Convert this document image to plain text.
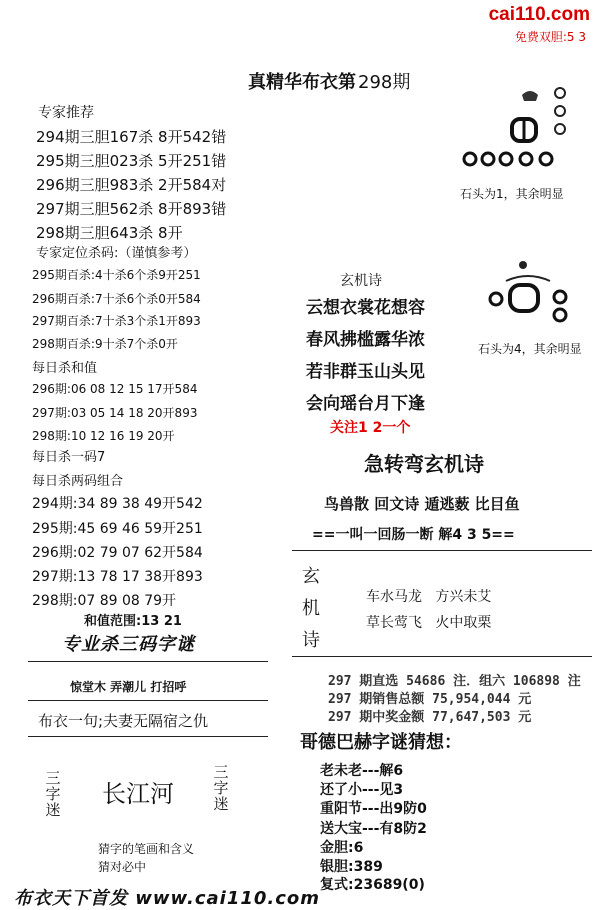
cai110.com
免费双胆:5 3
真精华布衣第 298期
专家推荐
294期三胆167杀 8开542错
295期三胆023杀 5开251错
296期三胆983杀 2开584对
297期三胆562杀 8开893错
298期三胆643杀 8开
专家定位杀码:（谨慎参考）
295期百杀:4十杀6个杀9开251
296期百杀:7十杀6个杀0开584
297期百杀:7十杀3个杀1开893
298期百杀:9十杀7个杀0开
每日杀和值
296期:06 08 12 15 17开584
297期:03 05 14 18 20开893
298期:10 12 16 19 20开
每日杀一码7
每日杀两码组合
294期:34 89 38 49开542
295期:45 69 46 59开251
296期:02 79 07 62开584
297期:13 78 17 38开893
298期:07 89 08 79开
和值范围:13 21
专业杀三码字谜
惊堂木 弄潮儿 打招呼
布衣一句;夫妻无隔宿之仇
三字迷
长江河
三字迷
猜字的笔画和含义
猜对必中
石头为1，其余明显
石头为4，其余明显
玄机诗
云想衣裳花想容
春风拂槛露华浓
若非群玉山头见
会向瑶台月下逢
关注1 2一个
急转弯玄机诗
鸟兽散 回文诗 遁逃薮 比目鱼
==一叫一回肠一断 解4 3 5==
玄
机
诗
车水马龙   方兴未艾
草长莺飞   火中取栗
297 期直选 54686 注．组六 106898 注
297 期销售总额 75,954,044 元
297 期中奖金额 77,647,503 元
哥德巴赫字谜猜想：
老未老---解6
还了小---见3
重阳节---出9防0
送大宝---有8防2
金胆:6
银胆:389
复式:23689(0)
布衣天下首发 www.cai110.com
